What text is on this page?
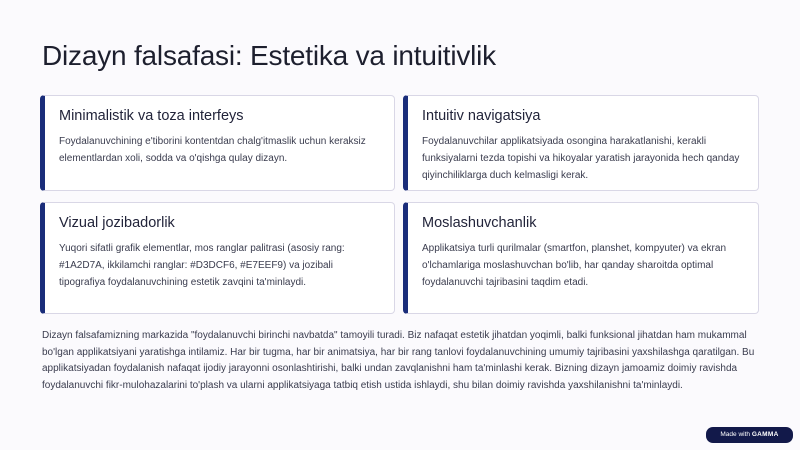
Dizayn falsafasi: Estetika va intuitivlik
Minimalistik va toza interfeys

Foydalanuvchining e'tiborini kontentdan chalg'itmaslik uchun keraksiz elementlardan xoli, sodda va o'qishga qulay dizayn.

Intuitiv navigatsiya

Foydalanuvchilar applikatsiyada osongina harakatlanishi, kerakli funksiyalarni tezda topishi va hikoyalar yaratish jarayonida hech qanday qiyinchiliklarga duch kelmasligi kerak.

Vizual jozibadorlik

Yuqori sifatli grafik elementlar, mos ranglar palitrasi (asosiy rang: #1A2D7A, ikkilamchi ranglar: #D3DCF6, #E7EEF9) va jozibali tipografiya foydalanuvchining estetik zavqini ta'minlaydi.

Moslashuvchanlik

Applikatsiya turli qurilmalar (smartfon, planshet, kompyuter) va ekran o'lchamlariga moslashuvchan bo'lib, har qanday sharoitda optimal foydalanuvchi tajribasini taqdim etadi.

Dizayn falsafamizning markazida "foydalanuvchi birinchi navbatda" tamoyili turadi. Biz nafaqat estetik jihatdan yoqimli, balki funksional jihatdan ham mukammal bo'lgan applikatsiyani yaratishga intilamiz. Har bir tugma, har bir animatsiya, har bir rang tanlovi foydalanuvchining umumiy tajribasini yaxshilashga qaratilgan. Bu applikatsiyadan foydalanish nafaqat ijodiy jarayonni osonlashtirishi, balki undan zavqlanishni ham ta'minlashi kerak. Bizning dizayn jamoamiz doimiy ravishda foydalanuvchi fikr-mulohazalarini to'plash va ularni applikatsiyaga tatbiq etish ustida ishlaydi, shu bilan doimiy ravishda yaxshilanishni ta'minlaydi.

Made with GAMMA
